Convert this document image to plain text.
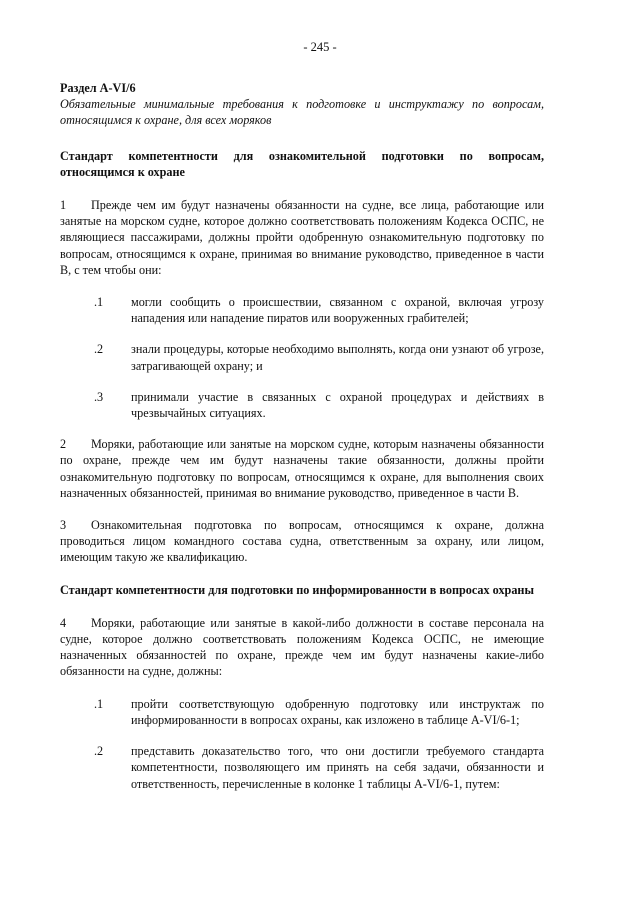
- 245 -
Раздел A-VI/6
Обязательные минимальные требования к подготовке и инструктажу по вопросам, относящимся к охране, для всех моряков
Стандарт компетентности для ознакомительной подготовки по вопросам, относящимся к охране
1 Прежде чем им будут назначены обязанности на судне, все лица, работающие или занятые на морском судне, которое должно соответствовать положениям Кодекса ОСПС, не являющиеся пассажирами, должны пройти одобренную ознакомительную подготовку по вопросам, относящимся к охране, принимая во внимание руководство, приведенное в части В, с тем чтобы они:
.1 могли сообщить о происшествии, связанном с охраной, включая угрозу нападения или нападение пиратов или вооруженных грабителей;
.2 знали процедуры, которые необходимо выполнять, когда они узнают об угрозе, затрагивающей охрану; и
.3 принимали участие в связанных с охраной процедурах и действиях в чрезвычайных ситуациях.
2 Моряки, работающие или занятые на морском судне, которым назначены обязанности по охране, прежде чем им будут назначены такие обязанности, должны пройти ознакомительную подготовку по вопросам, относящимся к охране, для выполнения своих назначенных обязанностей, принимая во внимание руководство, приведенное в части В.
3 Ознакомительная подготовка по вопросам, относящимся к охране, должна проводиться лицом командного состава судна, ответственным за охрану, или лицом, имеющим такую же квалификацию.
Стандарт компетентности для подготовки по информированности в вопросах охраны
4 Моряки, работающие или занятые в какой-либо должности в составе персонала на судне, которое должно соответствовать положениям Кодекса ОСПС, не имеющие назначенных обязанностей по охране, прежде чем им будут назначены какие-либо обязанности на судне, должны:
.1 пройти соответствующую одобренную подготовку или инструктаж по информированности в вопросах охраны, как изложено в таблице A-VI/6-1;
.2 представить доказательство того, что они достигли требуемого стандарта компетентности, позволяющего им принять на себя задачи, обязанности и ответственность, перечисленные в колонке 1 таблицы A-VI/6-1, путем:
